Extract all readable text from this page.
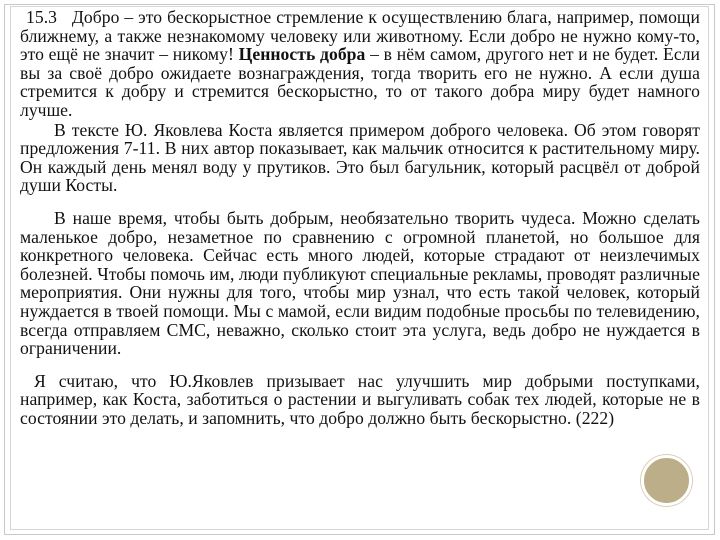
15.3 Добро – это бескорыстное стремление к осуществлению блага, например, помощи ближнему, а также незнакомому человеку или животному. Если добро не нужно кому-то, это ещё не значит – никому! Ценность добра – в нём самом, другого нет и не будет. Если вы за своё добро ожидаете вознаграждения, тогда творить его не нужно. А если душа стремится к добру и стремится бескорыстно, то от такого добра миру будет намного лучше.

В тексте Ю. Яковлева Коста является примером доброго человека. Об этом говорят предложения 7-11. В них автор показывает, как мальчик относится к растительному миру. Он каждый день менял воду у прутиков. Это был багульник, который расцвёл от доброй души Косты.

В наше время, чтобы быть добрым, необязательно творить чудеса. Можно сделать маленькое добро, незаметное по сравнению с огромной планетой, но большое для конкретного человека. Сейчас есть много людей, которые страдают от неизлечимых болезней. Чтобы помочь им, люди публикуют специальные рекламы, проводят различные мероприятия. Они нужны для того, чтобы мир узнал, что есть такой человек, который нуждается в твоей помощи. Мы с мамой, если видим подобные просьбы по телевидению, всегда отправляем СМС, неважно, сколько стоит эта услуга, ведь добро не нуждается в ограничении.

Я считаю, что Ю.Яковлев призывает нас улучшить мир добрыми поступками, например, как Коста, заботиться о растении и выгуливать собак тех людей, которые не в состоянии это делать, и запомнить, что добро должно быть бескорыстно. (222)
